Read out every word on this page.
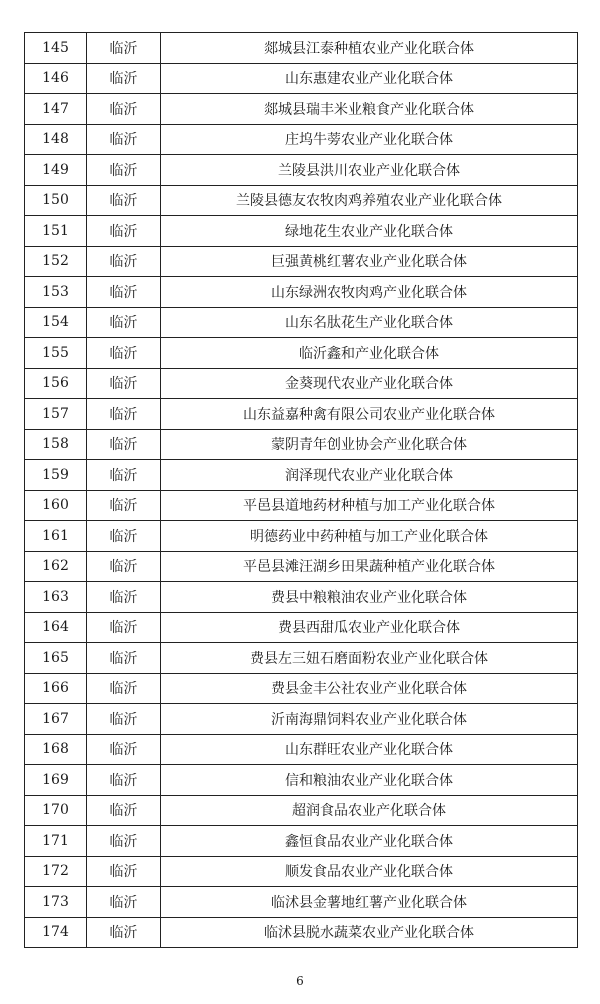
145	临沂	郯城县江泰种植农业产业化联合体
146	临沂	山东惠建农业产业化联合体
147	临沂	郯城县瑞丰米业粮食产业化联合体
148	临沂	庄坞牛蒡农业产业化联合体
149	临沂	兰陵县洪川农业产业化联合体
150	临沂	兰陵县德友农牧肉鸡养殖农业产业化联合体
151	临沂	绿地花生农业产业化联合体
152	临沂	巨强黄桃红薯农业产业化联合体
153	临沂	山东绿洲农牧肉鸡产业化联合体
154	临沂	山东名肽花生产业化联合体
155	临沂	临沂鑫和产业化联合体
156	临沂	金葵现代农业产业化联合体
157	临沂	山东益嘉种禽有限公司农业产业化联合体
158	临沂	蒙阴青年创业协会产业化联合体
159	临沂	润泽现代农业产业化联合体
160	临沂	平邑县道地药材种植与加工产业化联合体
161	临沂	明德药业中药种植与加工产业化联合体
162	临沂	平邑县滩汪湖乡田果蔬种植产业化联合体
163	临沂	费县中粮粮油农业产业化联合体
164	临沂	费县西甜瓜农业产业化联合体
165	临沂	费县左三妞石磨面粉农业产业化联合体
166	临沂	费县金丰公社农业产业化联合体
167	临沂	沂南海鼎饲料农业产业化联合体
168	临沂	山东群旺农业产业化联合体
169	临沂	信和粮油农业产业化联合体
170	临沂	超润食品农业产化联合体
171	临沂	鑫恒食品农业产业化联合体
172	临沂	顺发食品农业产业化联合体
173	临沂	临沭县金薯地红薯产业化联合体
174	临沂	临沭县脱水蔬菜农业产业化联合体
6
